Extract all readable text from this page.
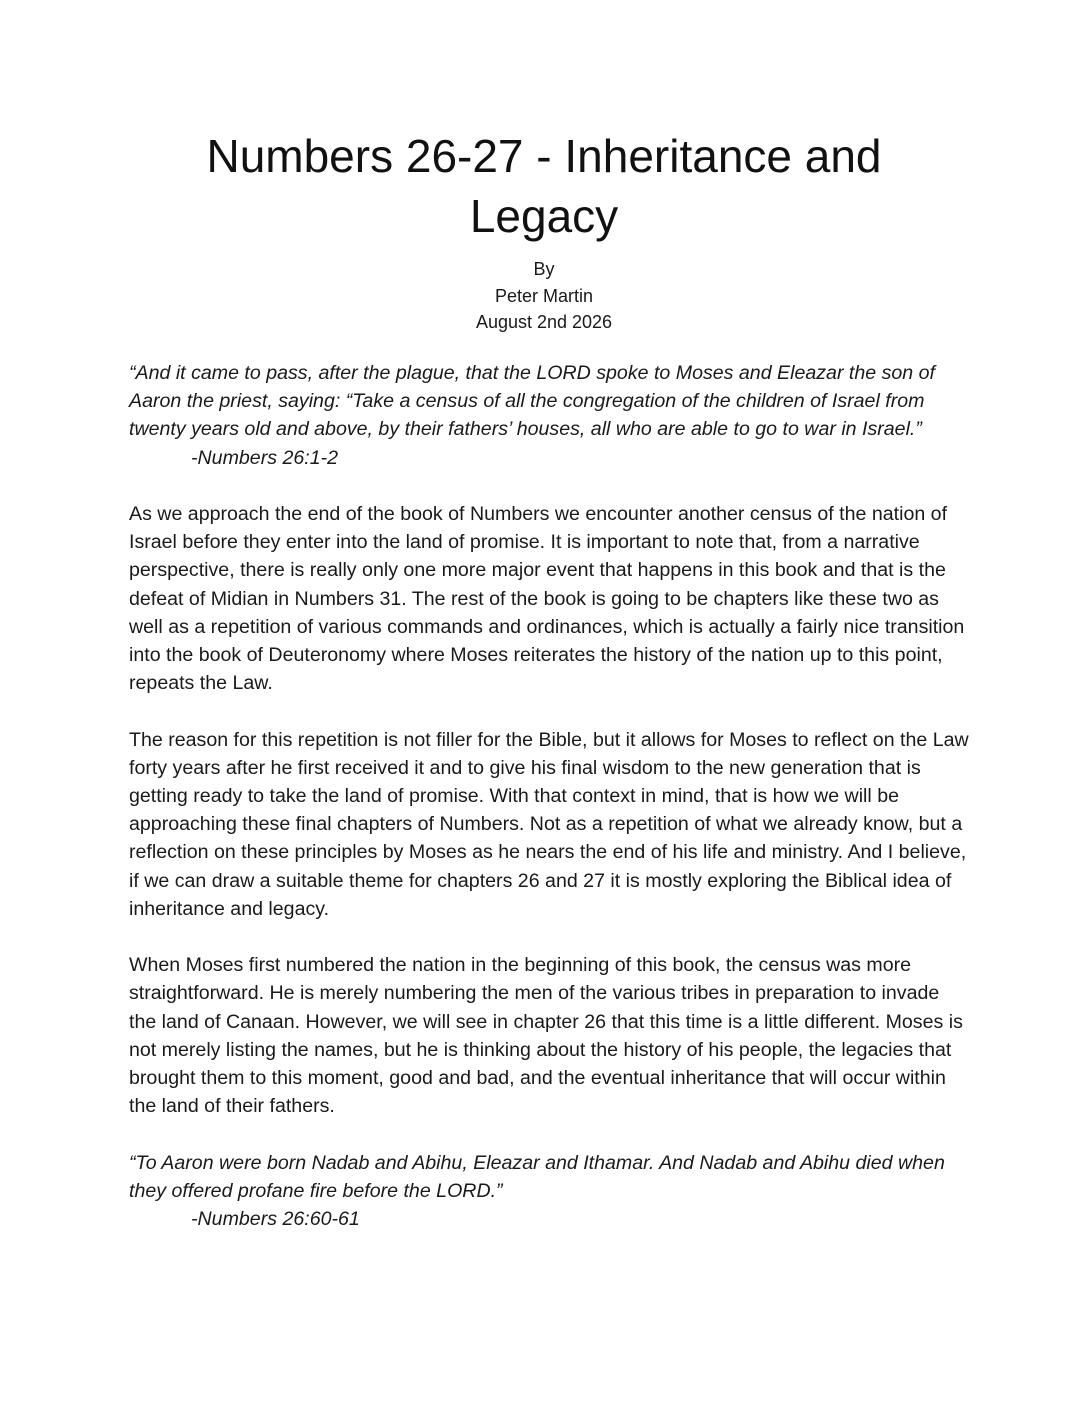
Numbers 26-27 - Inheritance and Legacy
By
Peter Martin
August 2nd 2026

“And it came to pass, after the plague, that the LORD spoke to Moses and Eleazar the son of Aaron the priest, saying: “Take a census of all the congregation of the children of Israel from twenty years old and above, by their fathers’ houses, all who are able to go to war in Israel.”

-Numbers 26:1-2

As we approach the end of the book of Numbers we encounter another census of the nation of Israel before they enter into the land of promise. It is important to note that, from a narrative perspective, there is really only one more major event that happens in this book and that is the defeat of Midian in Numbers 31. The rest of the book is going to be chapters like these two as well as a repetition of various commands and ordinances, which is actually a fairly nice transition into the book of Deuteronomy where Moses reiterates the history of the nation up to this point, repeats the Law.

The reason for this repetition is not filler for the Bible, but it allows for Moses to reflect on the Law forty years after he first received it and to give his final wisdom to the new generation that is getting ready to take the land of promise. With that context in mind, that is how we will be approaching these final chapters of Numbers. Not as a repetition of what we already know, but a reflection on these principles by Moses as he nears the end of his life and ministry. And I believe, if we can draw a suitable theme for chapters 26 and 27 it is mostly exploring the Biblical idea of inheritance and legacy.

When Moses first numbered the nation in the beginning of this book, the census was more straightforward. He is merely numbering the men of the various tribes in preparation to invade the land of Canaan. However, we will see in chapter 26 that this time is a little different. Moses is not merely listing the names, but he is thinking about the history of his people, the legacies that brought them to this moment, good and bad, and the eventual inheritance that will occur within the land of their fathers.

“To Aaron were born Nadab and Abihu, Eleazar and Ithamar. And Nadab and Abihu died when they offered profane fire before the LORD.”

-Numbers 26:60-61
